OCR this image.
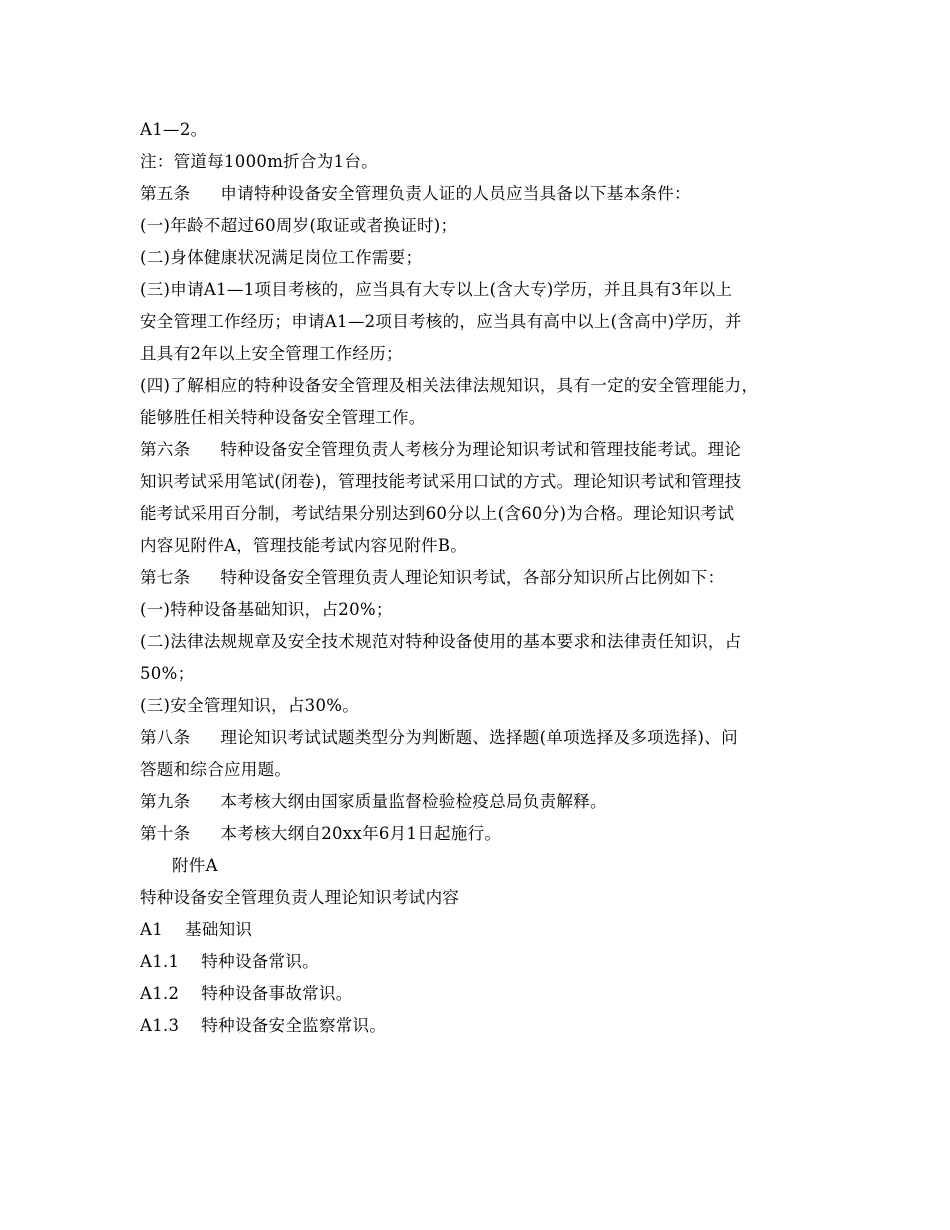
A1—2。
注：管道每1000m折合为1台。
第五条 申请特种设备安全管理负责人证的人员应当具备以下基本条件：
(一)年龄不超过60周岁(取证或者换证时)；
(二)身体健康状况满足岗位工作需要；
(三)申请A1—1项目考核的，应当具有大专以上(含大专)学历，并且具有3年以上
安全管理工作经历；申请A1—2项目考核的，应当具有高中以上(含高中)学历，并
且具有2年以上安全管理工作经历；
(四)了解相应的特种设备安全管理及相关法律法规知识，具有一定的安全管理能力，
能够胜任相关特种设备安全管理工作。
第六条 特种设备安全管理负责人考核分为理论知识考试和管理技能考试。理论
知识考试采用笔试(闭卷)，管理技能考试采用口试的方式。理论知识考试和管理技
能考试采用百分制，考试结果分别达到60分以上(含60分)为合格。理论知识考试
内容见附件A，管理技能考试内容见附件B。
第七条 特种设备安全管理负责人理论知识考试，各部分知识所占比例如下：
(一)特种设备基础知识，占20%；
(二)法律法规规章及安全技术规范对特种设备使用的基本要求和法律责任知识，占
50%；
(三)安全管理知识，占30%。
第八条 理论知识考试试题类型分为判断题、选择题(单项选择及多项选择)、问
答题和综合应用题。
第九条 本考核大纲由国家质量监督检验检疫总局负责解释。
第十条 本考核大纲自20xx年6月1日起施行。
附件A
特种设备安全管理负责人理论知识考试内容
A1 基础知识
A1.1 特种设备常识。
A1.2 特种设备事故常识。
A1.3 特种设备安全监察常识。
